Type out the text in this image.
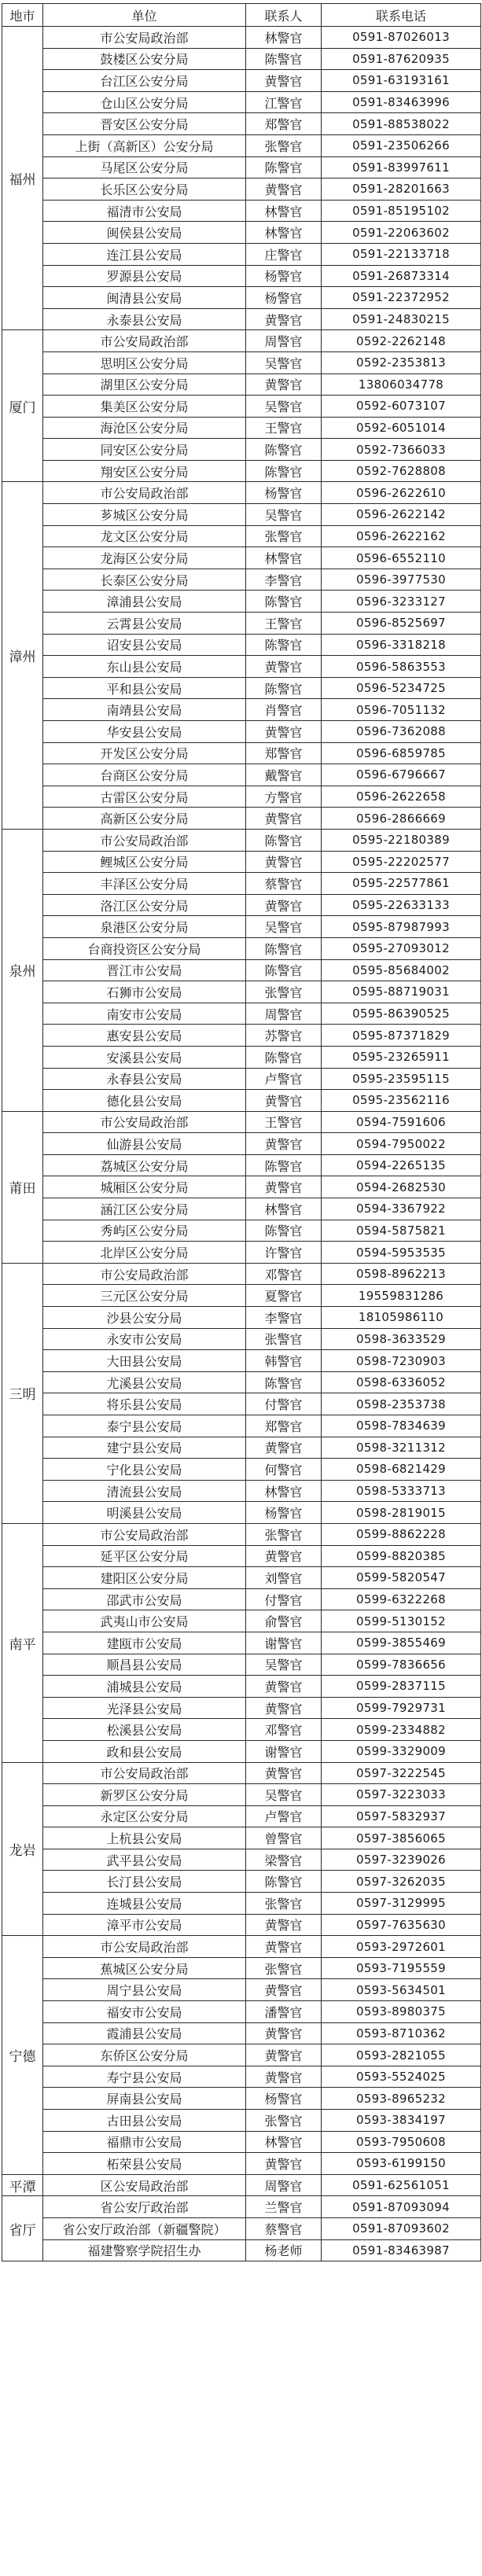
地市	单位	联系人	联系电话
福州	市公安局政治部	林警官	0591-87026013
	鼓楼区公安分局	陈警官	0591-87620935
	台江区公安分局	黄警官	0591-63193161
	仓山区公安分局	江警官	0591-83463996
	晋安区公安分局	郑警官	0591-88538022
	上街（高新区）公安分局	张警官	0591-23506266
	马尾区公安分局	陈警官	0591-83997611
	长乐区公安分局	黄警官	0591-28201663
	福清市公安局	林警官	0591-85195102
	闽侯县公安局	林警官	0591-22063602
	连江县公安局	庄警官	0591-22133718
	罗源县公安局	杨警官	0591-26873314
	闽清县公安局	杨警官	0591-22372952
	永泰县公安局	黄警官	0591-24830215
厦门	市公安局政治部	周警官	0592-2262148
	思明区公安分局	吴警官	0592-2353813
	湖里区公安分局	黄警官	13806034778
	集美区公安分局	吴警官	0592-6073107
	海沧区公安分局	王警官	0592-6051014
	同安区公安分局	陈警官	0592-7366033
	翔安区公安分局	陈警官	0592-7628808
漳州	市公安局政治部	杨警官	0596-2622610
	芗城区公安分局	吴警官	0596-2622142
	龙文区公安分局	张警官	0596-2622162
	龙海区公安分局	林警官	0596-6552110
	长泰区公安分局	李警官	0596-3977530
	漳浦县公安局	陈警官	0596-3233127
	云霄县公安局	王警官	0596-8525697
	诏安县公安局	陈警官	0596-3318218
	东山县公安局	黄警官	0596-5863553
	平和县公安局	陈警官	0596-5234725
	南靖县公安局	肖警官	0596-7051132
	华安县公安局	黄警官	0596-7362088
	开发区公安分局	郑警官	0596-6859785
	台商区公安分局	戴警官	0596-6796667
	古雷区公安分局	方警官	0596-2622658
	高新区公安分局	黄警官	0596-2866669
泉州	市公安局政治部	陈警官	0595-22180389
	鲤城区公安分局	黄警官	0595-22202577
	丰泽区公安分局	蔡警官	0595-22577861
	洛江区公安分局	黄警官	0595-22633133
	泉港区公安分局	吴警官	0595-87987993
	台商投资区公安分局	陈警官	0595-27093012
	晋江市公安局	陈警官	0595-85684002
	石狮市公安局	张警官	0595-88719031
	南安市公安局	周警官	0595-86390525
	惠安县公安局	苏警官	0595-87371829
	安溪县公安局	陈警官	0595-23265911
	永春县公安局	卢警官	0595-23595115
	德化县公安局	黄警官	0595-23562116
莆田	市公安局政治部	王警官	0594-7591606
	仙游县公安局	黄警官	0594-7950022
	荔城区公安分局	陈警官	0594-2265135
	城厢区公安分局	黄警官	0594-2682530
	涵江区公安分局	林警官	0594-3367922
	秀屿区公安分局	陈警官	0594-5875821
	北岸区公安分局	许警官	0594-5953535
三明	市公安局政治部	邓警官	0598-8962213
	三元区公安分局	夏警官	19559831286
	沙县公安分局	李警官	18105986110
	永安市公安局	张警官	0598-3633529
	大田县公安局	韩警官	0598-7230903
	尤溪县公安局	陈警官	0598-6336052
	将乐县公安局	付警官	0598-2353738
	泰宁县公安局	郑警官	0598-7834639
	建宁县公安局	黄警官	0598-3211312
	宁化县公安局	何警官	0598-6821429
	清流县公安局	林警官	0598-5333713
	明溪县公安局	杨警官	0598-2819015
南平	市公安局政治部	张警官	0599-8862228
	延平区公安分局	黄警官	0599-8820385
	建阳区公安分局	刘警官	0599-5820547
	邵武市公安局	付警官	0599-6322268
	武夷山市公安局	俞警官	0599-5130152
	建瓯市公安局	谢警官	0599-3855469
	顺昌县公安局	吴警官	0599-7836656
	浦城县公安局	黄警官	0599-2837115
	光泽县公安局	黄警官	0599-7929731
	松溪县公安局	邓警官	0599-2334882
	政和县公安局	谢警官	0599-3329009
龙岩	市公安局政治部	黄警官	0597-3222545
	新罗区公安分局	吴警官	0597-3223033
	永定区公安分局	卢警官	0597-5832937
	上杭县公安局	曾警官	0597-3856065
	武平县公安局	梁警官	0597-3239026
	长汀县公安局	陈警官	0597-3262035
	连城县公安局	张警官	0597-3129995
	漳平市公安局	黄警官	0597-7635630
宁德	市公安局政治部	黄警官	0593-2972601
	蕉城区公安分局	张警官	0593-7195559
	周宁县公安局	黄警官	0593-5634501
	福安市公安局	潘警官	0593-8980375
	霞浦县公安局	黄警官	0593-8710362
	东侨区公安分局	黄警官	0593-2821055
	寿宁县公安局	黄警官	0593-5524025
	屏南县公安局	杨警官	0593-8965232
	古田县公安局	张警官	0593-3834197
	福鼎市公安局	林警官	0593-7950608
	柘荣县公安局	黄警官	0593-6199150
平潭	区公安局政治部	周警官	0591-62561051
省厅	省公安厅政治部	兰警官	0591-87093094
	省公安厅政治部（新疆警院）	蔡警官	0591-87093602
	福建警察学院招生办	杨老师	0591-83463987
